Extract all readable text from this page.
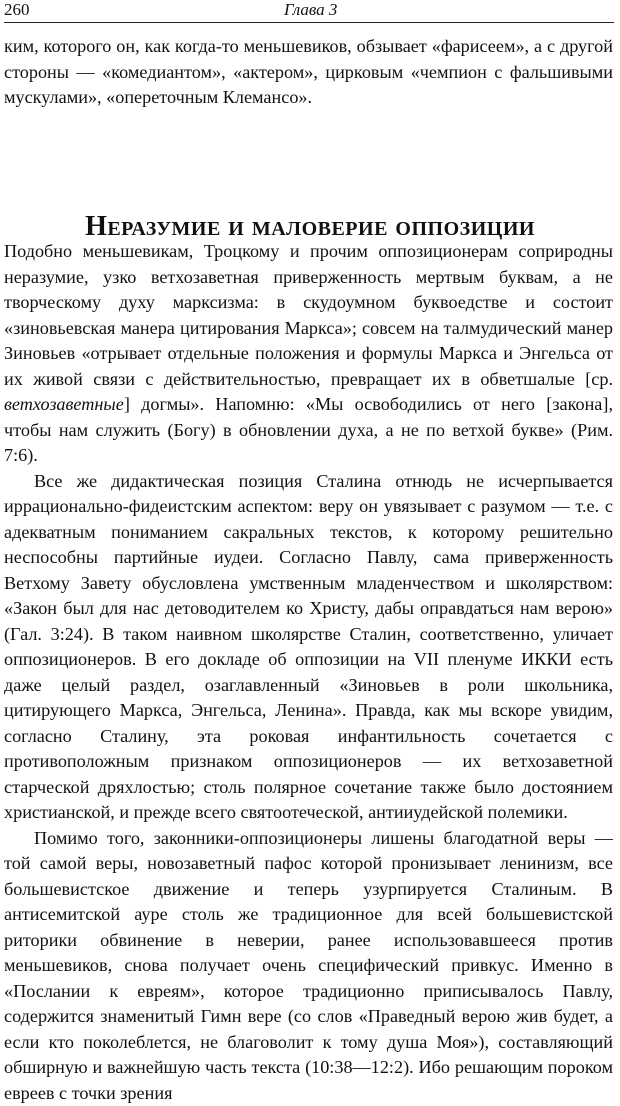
260	Глава 3

ким, которого он, как когда-то меньшевиков, обзывает «фарисеем», а с другой стороны — «комедиантом», «актером», цирковым «чемпион с фальшивыми мускулами», «опереточным Клемансо».

Неразумие и маловерие оппозиции

Подобно меньшевикам, Троцкому и прочим оппозиционерам соприродны неразумие, узко ветхозаветная приверженность мертвым буквам, а не творческому духу марксизма: в скудоумном буквоедстве и состоит «зиновьевская манера цитирования Маркса»; совсем на талмудический манер Зиновьев «отрывает отдельные положения и формулы Маркса и Энгельса от их живой связи с действительностью, превращает их в обветшалые [ср. ветхозаветные] догмы». Напомню: «Мы освободились от него [закона], чтобы нам служить (Богу) в обновлении духа, а не по ветхой букве» (Рим. 7:6).

Все же дидактическая позиция Сталина отнюдь не исчерпывается иррационально-фидеистским аспектом: веру он увязывает с разумом — т.е. с адекватным пониманием сакральных текстов, к которому решительно неспособны партийные иудеи. Согласно Павлу, сама приверженность Ветхому Завету обусловлена умственным младенчеством и школярством: «Закон был для нас детоводителем ко Христу, дабы оправдаться нам верою» (Гал. 3:24). В таком наивном школярстве Сталин, соответственно, уличает оппозиционеров. В его докладе об оппозиции на VII пленуме ИККИ есть даже целый раздел, озаглавленный «Зиновьев в роли школьника, цитирующего Маркса, Энгельса, Ленина». Правда, как мы вскоре увидим, согласно Сталину, эта роковая инфантильность сочетается с противоположным признаком оппозиционеров — их ветхозаветной старческой дряхлостью; столь полярное сочетание также было достоянием христианской, и прежде всего святоотеческой, антииудейской полемики.

Помимо того, законники-оппозиционеры лишены благодатной веры — той самой веры, новозаветный пафос которой пронизывает ленинизм, все большевистское движение и теперь узурпируется Сталиным. В антисемитской ауре столь же традиционное для всей большевистской риторики обвинение в неверии, ранее использовавшееся против меньшевиков, снова получает очень специфический привкус. Именно в «Послании к евреям», которое традиционно приписывалось Павлу, содержится знаменитый Гимн вере (со слов «Праведный верою жив будет, а если кто поколеблется, не благоволит к тому душа Моя»), составляющий обширную и важнейшую часть текста (10:38—12:2). Ибо решающим пороком евреев с точки зрения
